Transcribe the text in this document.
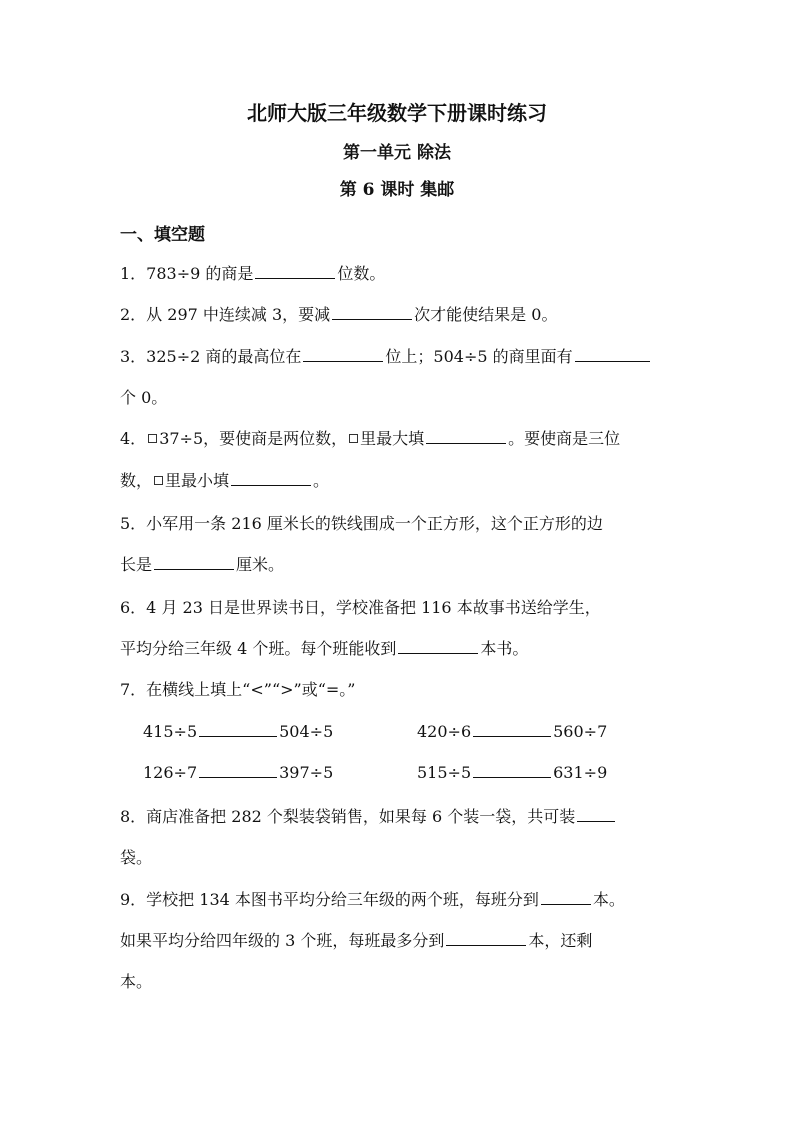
北师大版三年级数学下册课时练习
第一单元 除法
第 6 课时 集邮
一、填空题
1．783÷9 的商是	位数。
2．从 297 中连续减 3，要减	次才能使结果是 0。
3．325÷2 商的最高位在	位上；504÷5 的商里面有
个 0。
4． 37÷5，要使商是两位数， 里最大填	。要使商是三位
数， 里最小填	。
5．小军用一条 216 厘米长的铁线围成一个正方形，这个正方形的边
长是	厘米。
6．4 月 23 日是世界读书日，学校准备把 116 本故事书送给学生，
平均分给三年级 4 个班。每个班能收到	本书。
7．在横线上填上“<”“>”或“=。”
415÷5	504÷5	420÷6	560÷7
126÷7	397÷5	515÷5	631÷9
8．商店准备把 282 个梨装袋销售，如果每 6 个装一袋，共可装
袋。
9．学校把 134 本图书平均分给三年级的两个班，每班分到	本。
如果平均分给四年级的 3 个班，每班最多分到	本，还剩
本。
